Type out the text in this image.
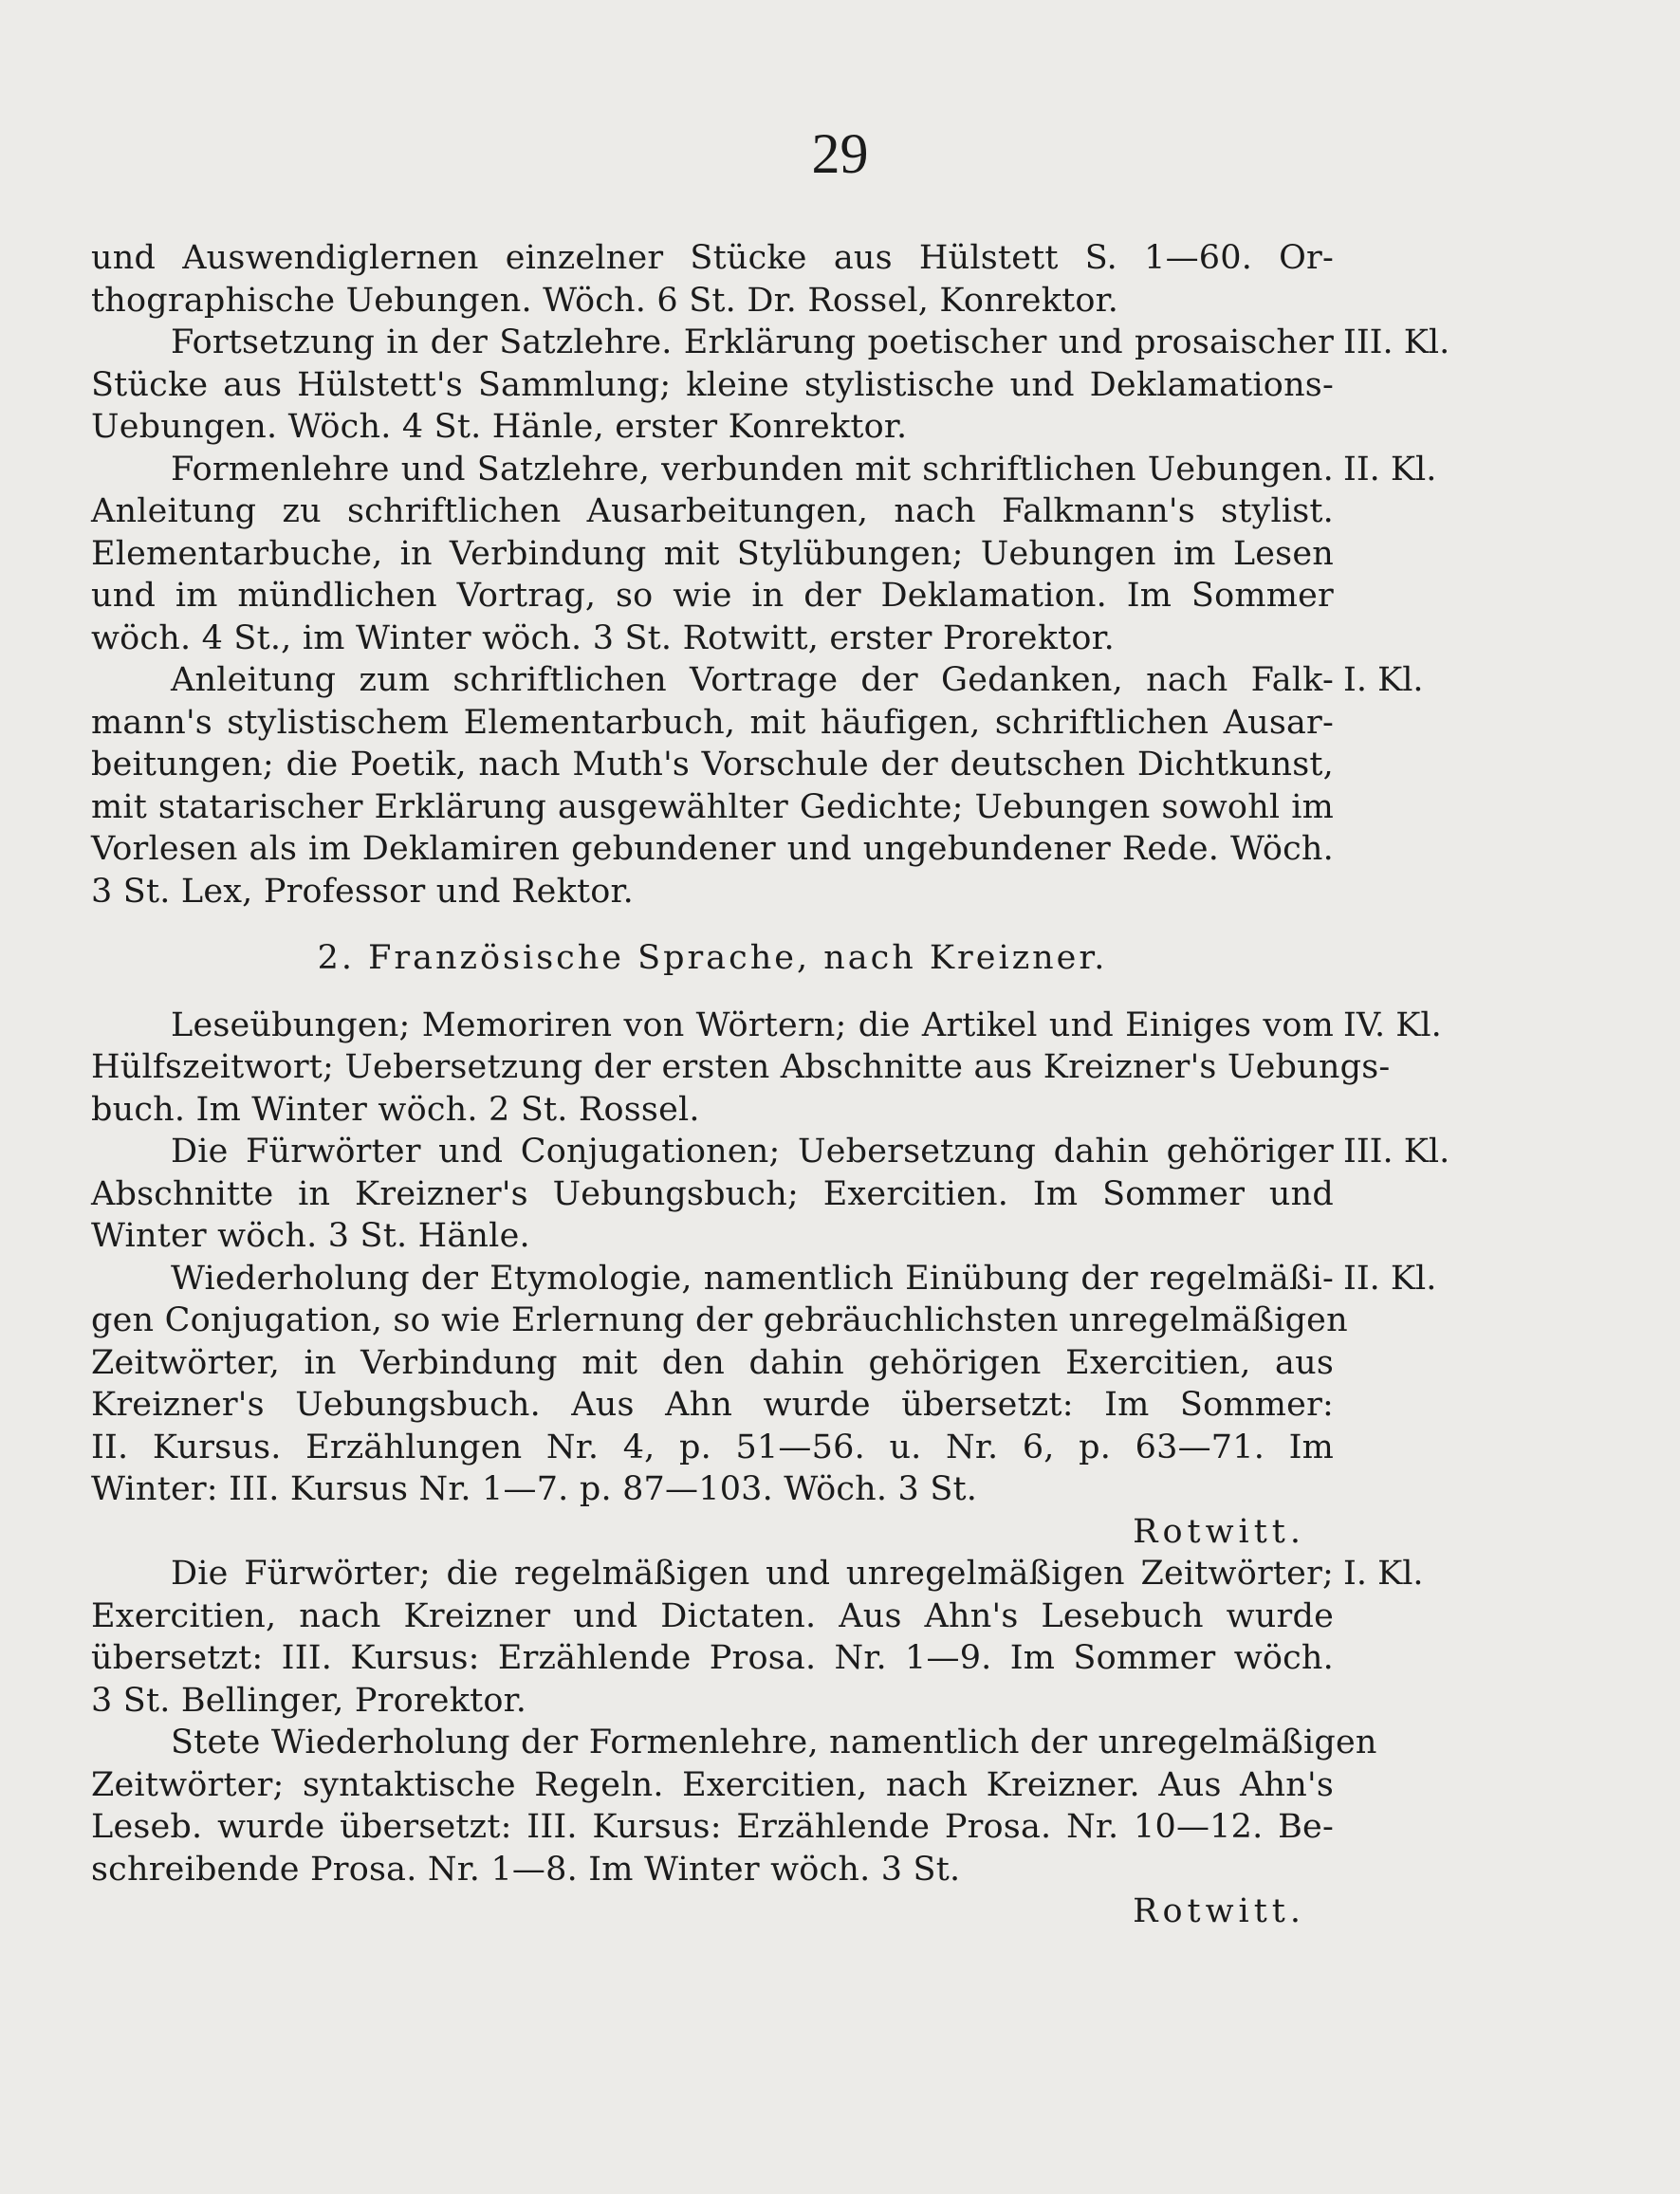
29
und Auswendiglernen einzelner Stücke aus Hülstett S. 1—60. Or-
thographische Uebungen. Wöch. 6 St. Dr. Rossel, Konrektor.
III. Kl.
Fortsetzung in der Satzlehre. Erklärung poetischer und prosaischer
Stücke aus Hülstett's Sammlung; kleine stylistische und Deklamations-
Uebungen. Wöch. 4 St. Hänle, erster Konrektor.
II. Kl.
Formenlehre und Satzlehre, verbunden mit schriftlichen Uebungen.
Anleitung zu schriftlichen Ausarbeitungen, nach Falkmann's stylist.
Elementarbuche, in Verbindung mit Stylübungen; Uebungen im Lesen
und im mündlichen Vortrag, so wie in der Deklamation. Im Sommer
wöch. 4 St., im Winter wöch. 3 St. Rotwitt, erster Prorektor.
I. Kl.
Anleitung zum schriftlichen Vortrage der Gedanken, nach Falk-
mann's stylistischem Elementarbuch, mit häufigen, schriftlichen Ausar-
beitungen; die Poetik, nach Muth's Vorschule der deutschen Dichtkunst,
mit statarischer Erklärung ausgewählter Gedichte; Uebungen sowohl im
Vorlesen als im Deklamiren gebundener und ungebundener Rede. Wöch.
3 St. Lex, Professor und Rektor.
2. Französische Sprache, nach Kreizner.
IV. Kl.
Leseübungen; Memoriren von Wörtern; die Artikel und Einiges vom
Hülfszeitwort; Uebersetzung der ersten Abschnitte aus Kreizner's Uebungs-
buch. Im Winter wöch. 2 St. Rossel.
III. Kl.
Die Fürwörter und Conjugationen; Uebersetzung dahin gehöriger
Abschnitte in Kreizner's Uebungsbuch; Exercitien. Im Sommer und
Winter wöch. 3 St. Hänle.
II. Kl.
Wiederholung der Etymologie, namentlich Einübung der regelmäßi-
gen Conjugation, so wie Erlernung der gebräuchlichsten unregelmäßigen
Zeitwörter, in Verbindung mit den dahin gehörigen Exercitien, aus
Kreizner's Uebungsbuch. Aus Ahn wurde übersetzt: Im Sommer:
II. Kursus. Erzählungen Nr. 4, p. 51—56. u. Nr. 6, p. 63—71. Im
Winter: III. Kursus Nr. 1—7. p. 87—103. Wöch. 3 St.
Rotwitt.
I. Kl.
Die Fürwörter; die regelmäßigen und unregelmäßigen Zeitwörter;
Exercitien, nach Kreizner und Dictaten. Aus Ahn's Lesebuch wurde
übersetzt: III. Kursus: Erzählende Prosa. Nr. 1—9. Im Sommer wöch.
3 St. Bellinger, Prorektor.
Stete Wiederholung der Formenlehre, namentlich der unregelmäßigen
Zeitwörter; syntaktische Regeln. Exercitien, nach Kreizner. Aus Ahn's
Leseb. wurde übersetzt: III. Kursus: Erzählende Prosa. Nr. 10—12. Be-
schreibende Prosa. Nr. 1—8. Im Winter wöch. 3 St.
Rotwitt.
